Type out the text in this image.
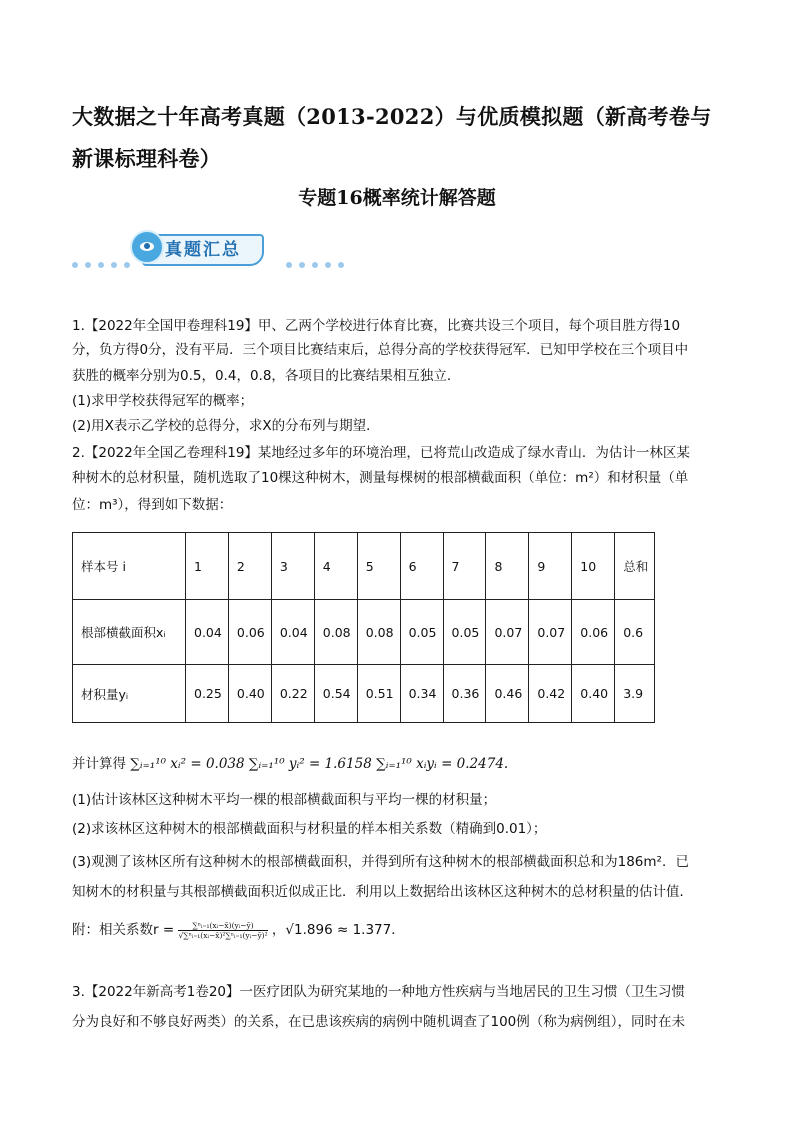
大数据之十年高考真题（2013-2022）与优质模拟题（新高考卷与新课标理科卷）
专题16概率统计解答题
真题汇总
1.【2022年全国甲卷理科19】甲、乙两个学校进行体育比赛，比赛共设三个项目，每个项目胜方得10
分，负方得0分，没有平局．三个项目比赛结束后，总得分高的学校获得冠军．已知甲学校在三个项目中
获胜的概率分别为0.5，0.4，0.8，各项目的比赛结果相互独立．
(1)求甲学校获得冠军的概率；
(2)用X表示乙学校的总得分，求X的分布列与期望．
2.【2022年全国乙卷理科19】某地经过多年的环境治理，已将荒山改造成了绿水青山．为估计一林区某
种树木的总材积量，随机选取了10棵这种树木，测量每棵树的根部横截面积（单位：m²）和材积量（单
位：m³），得到如下数据：
样本号 i	1	2	3	4	5	6	7	8	9	10	总和
根部横截面积xᵢ	0.04	0.06	0.04	0.08	0.08	0.05	0.05	0.07	0.07	0.06	0.6
材积量yᵢ	0.25	0.40	0.22	0.54	0.51	0.34	0.36	0.46	0.42	0.40	3.9
并计算得 ∑ᵢ₌₁¹⁰ xᵢ² = 0.038 ∑ᵢ₌₁¹⁰ yᵢ² = 1.6158 ∑ᵢ₌₁¹⁰ xᵢyᵢ = 0.2474.
(1)估计该林区这种树木平均一棵的根部横截面积与平均一棵的材积量；
(2)求该林区这种树木的根部横截面积与材积量的样本相关系数（精确到0.01）；
(3)观测了该林区所有这种树木的根部横截面积，并得到所有这种树木的根部横截面积总和为186m²．已
知树木的材积量与其根部横截面积近似成正比．利用以上数据给出该林区这种树木的总材积量的估计值．
附：相关系数$r = \frac{\text{∑ⁿᵢ₌₁(xᵢ−x̄)(yᵢ−ȳ)}}{\text{√∑ⁿᵢ₌₁(xᵢ−x̄)²∑ⁿᵢ₌₁(yᵢ−ȳ)²}}$ ，√1.896 ≈ 1.377．
3.【2022年新高考1卷20】一医疗团队为研究某地的一种地方性疾病与当地居民的卫生习惯（卫生习惯
分为良好和不够良好两类）的关系，在已患该疾病的病例中随机调查了100例（称为病例组），同时在未
